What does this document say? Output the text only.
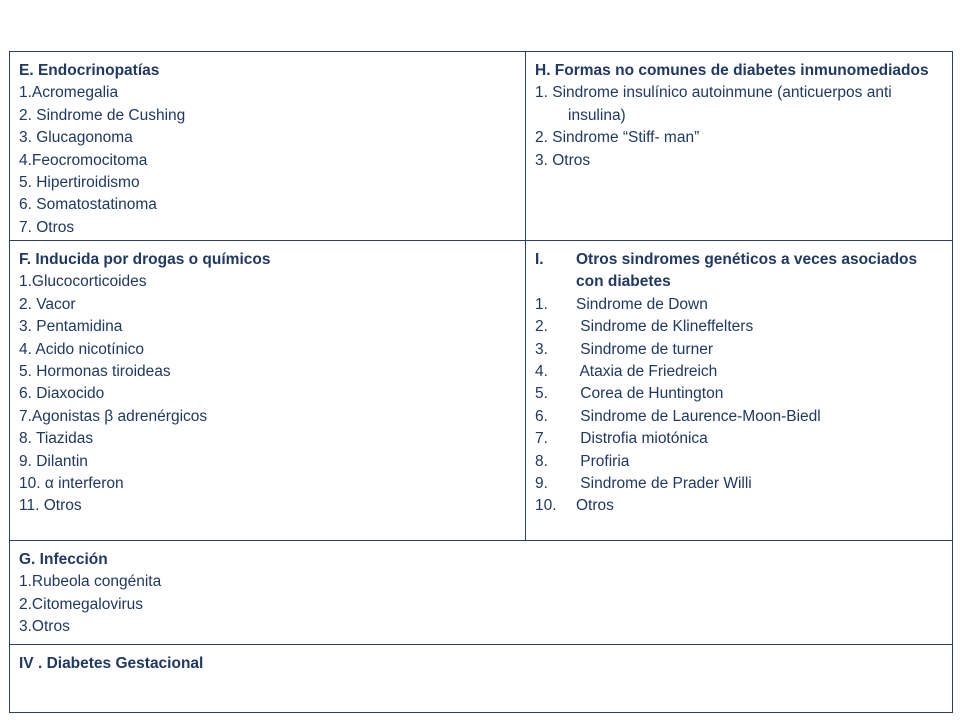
E. Endocrinopatías
1.Acromegalia
2. Sindrome de Cushing
3. Glucagonoma
4.Feocromocitoma
5. Hipertiroidismo
6. Somatostatinoma
7. Otros
H. Formas no comunes de diabetes inmunomediados
1. Sindrome insulínico autoinmune (anticuerpos anti
insulina)
2. Sindrome “Stiff- man”
3. Otros
F. Inducida por drogas o químicos
1.Glucocorticoides
2. Vacor
3. Pentamidina
4. Acido nicotínico
5. Hormonas tiroideas
6. Diaxocido
7.Agonistas β adrenérgicos
8. Tiazidas
9. Dilantin
10. α interferon
11. Otros
I.	Otros sindromes genéticos a veces asociados
con diabetes
1.	Sindrome de Down
2.	Sindrome de Klineffelters
3.	Sindrome de turner
4.	Ataxia de Friedreich
5.	Corea de Huntington
6.	Sindrome de Laurence-Moon-Biedl
7.	Distrofia miotónica
8.	Profiria
9.	Sindrome de Prader Willi
10.	Otros
G. Infección
1.Rubeola congénita
2.Citomegalovirus
3.Otros
IV . Diabetes Gestacional
